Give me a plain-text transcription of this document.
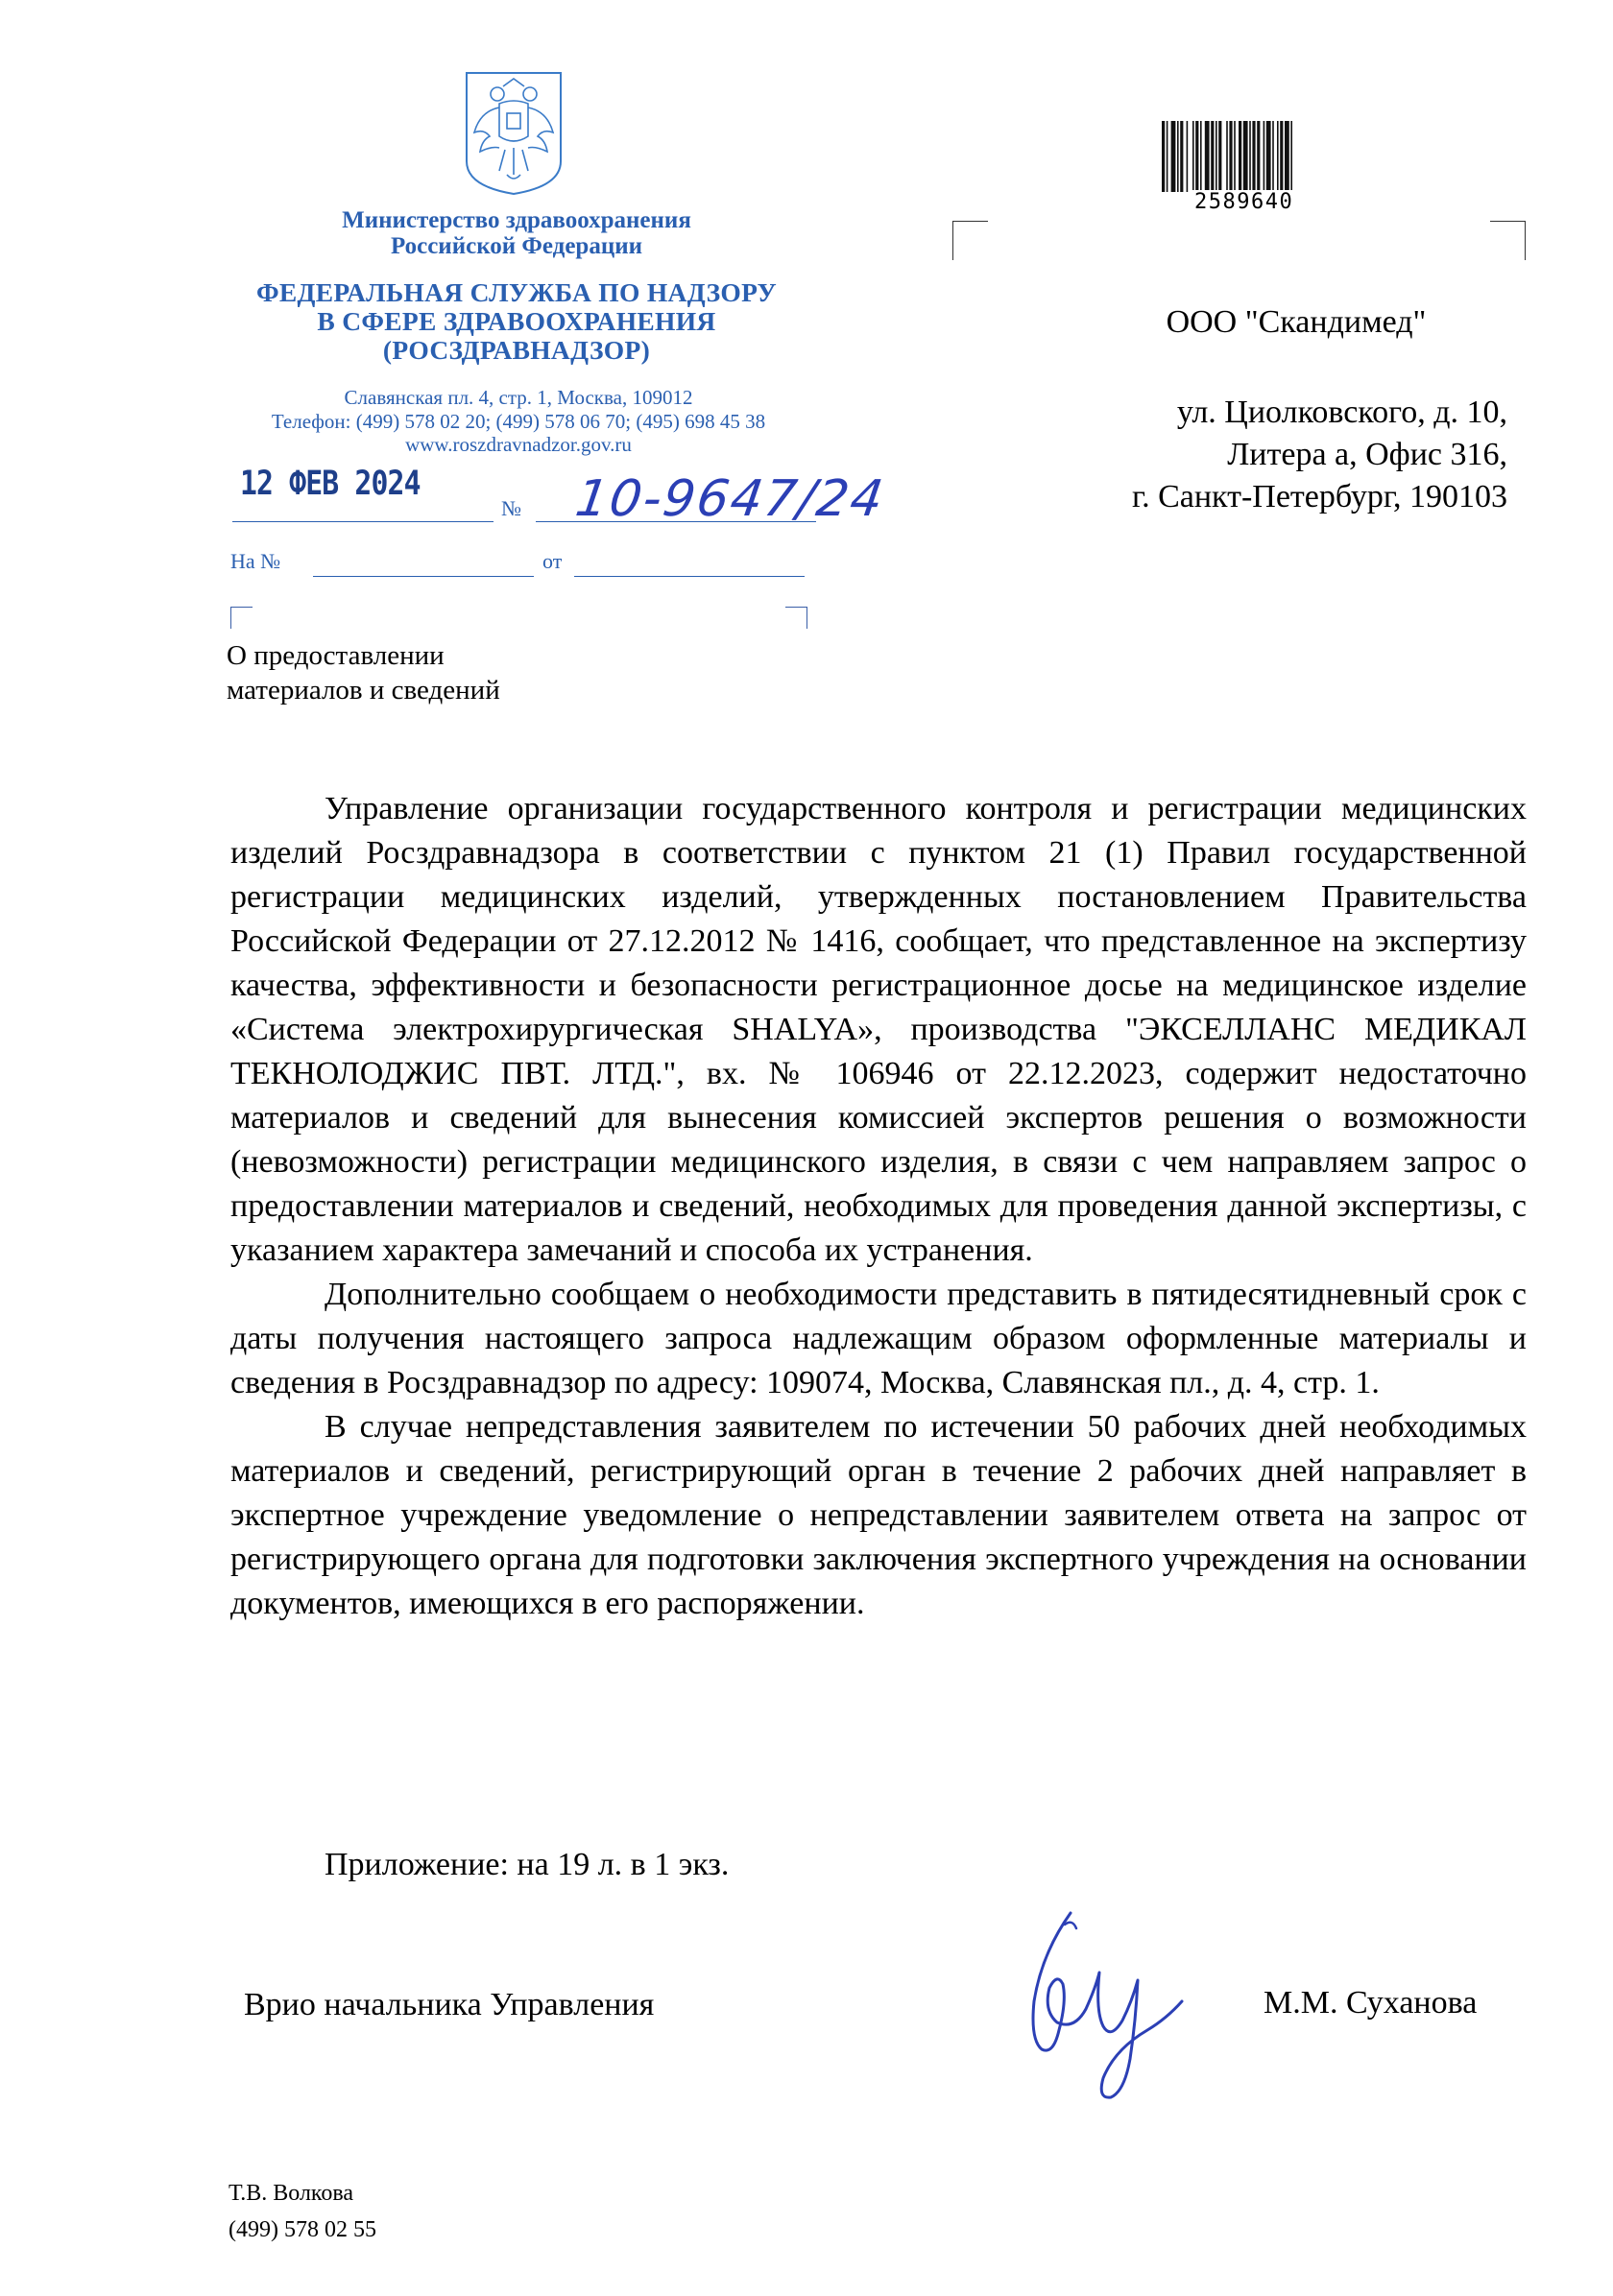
Министерство здравоохранения
Российской Федерации
ФЕДЕРАЛЬНАЯ СЛУЖБА ПО НАДЗОРУ
В СФЕРЕ ЗДРАВООХРАНЕНИЯ
(РОСЗДРАВНАДЗОР)
Славянская пл. 4, стр. 1, Москва, 109012
Телефон: (499) 578 02 20; (499) 578 06 70; (495) 698 45 38
www.roszdravnadzor.gov.ru
12 ФЕВ 2024
№ 10-9647/24
На №	от
О предоставлении
материалов и сведений
2589640
ООО "Скандимед"
ул. Циолковского, д. 10,
Литера а, Офис 316,
г. Санкт-Петербург, 190103

Управление организации государственного контроля и регистрации медицинских изделий Росздравнадзора в соответствии с пунктом 21 (1) Правил государственной регистрации медицинских изделий, утвержденных постановлением Правительства Российской Федерации от 27.12.2012 № 1416, сообщает, что представленное на экспертизу качества, эффективности и безопасности регистрационное досье на медицинское изделие «Система электрохирургическая SHALYA», производства "ЭКСЕЛЛАНС МЕДИКАЛ ТЕКНОЛОДЖИС ПВТ. ЛТД.", вх. № 106946 от 22.12.2023, содержит недостаточно материалов и сведений для вынесения комиссией экспертов решения о возможности (невозможности) регистрации медицинского изделия, в связи с чем направляем запрос о предоставлении материалов и сведений, необходимых для проведения данной экспертизы, с указанием характера замечаний и способа их устранения.

Дополнительно сообщаем о необходимости представить в пятидесятидневный срок с даты получения настоящего запроса надлежащим образом оформленные материалы и сведения в Росздравнадзор по адресу: 109074, Москва, Славянская пл., д. 4, стр. 1.

В случае непредставления заявителем по истечении 50 рабочих дней необходимых материалов и сведений, регистрирующий орган в течение 2 рабочих дней направляет в экспертное учреждение уведомление о непредставлении заявителем ответа на запрос от регистрирующего органа для подготовки заключения экспертного учреждения на основании документов, имеющихся в его распоряжении.

Приложение: на 19 л. в 1 экз.
Врио начальника Управления	М.М. Суханова
Т.В. Волкова
(499) 578 02 55
